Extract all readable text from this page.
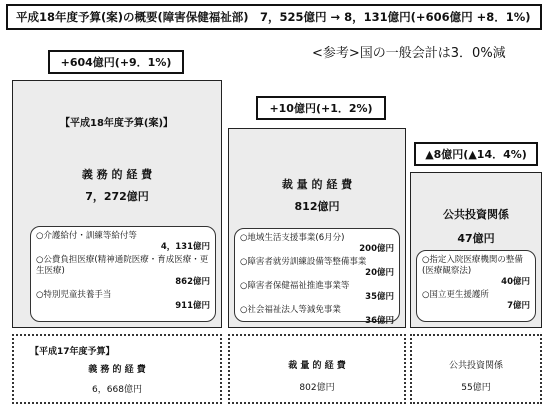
平成18年度予算(案)の概要(障害保健福祉部)　7，525億円 → 8，131億円(+606億円 +8．1%)
<参考>国の一般会計は3．0%減
+604億円(+9．1%)
【平成18年度予算(案)】
義 務 的 経 費
7，272億円
○介護給付・訓練等給付等
4，131億円
○公費負担医療(精神通院医療・育成医療・更生医療)
862億円
○特別児童扶養手当
911億円
+10億円(+1．2%)
裁 量 的 経 費
812億円
○地域生活支援事業(6月分)
200億円
○障害者就労訓練設備等整備事業
20億円
○障害者保健福祉推進事業等
35億円
○社会福祉法人等減免事業
36億円
▲8億円(▲14．4%)
公共投資関係
47億円
○指定入院医療機関の整備(医療観察法)
40億円
○国立更生援護所
7億円
【平成17年度予算】
義 務 的 経 費
6，668億円
裁 量 的 経 費
802億円
公共投資関係
55億円
